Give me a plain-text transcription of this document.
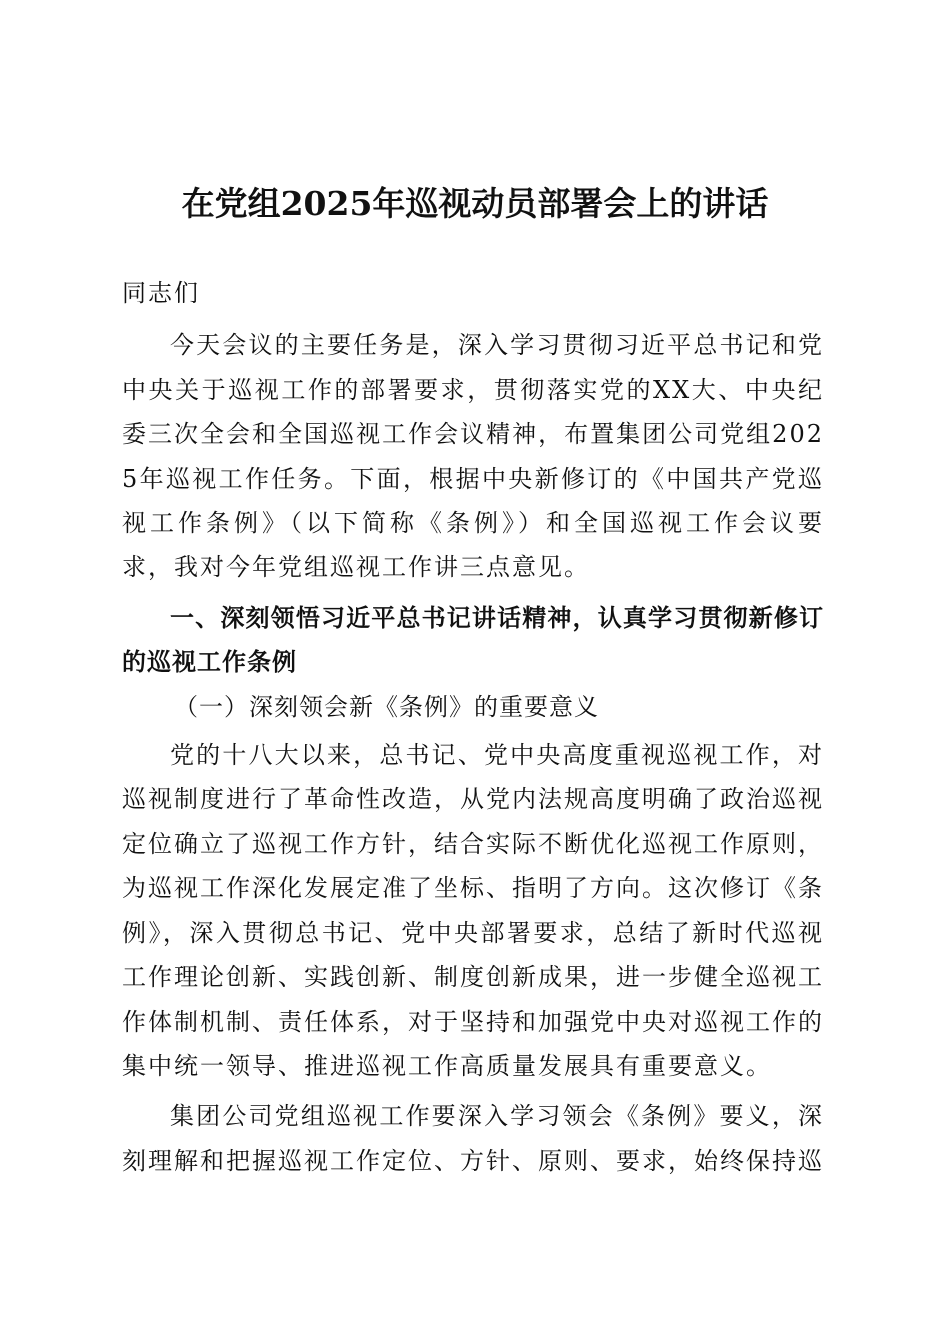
在党组2025年巡视动员部署会上的讲话

同志们

今天会议的主要任务是，深入学习贯彻习近平总书记和党中央关于巡视工作的部署要求，贯彻落实党的XX大、中央纪委三次全会和全国巡视工作会议精神，布置集团公司党组2025年巡视工作任务。下面，根据中央新修订的《中国共产党巡视工作条例》（以下简称《条例》）和全国巡视工作会议要求，我对今年党组巡视工作讲三点意见。

一、深刻领悟习近平总书记讲话精神，认真学习贯彻新修订的巡视工作条例

（一）深刻领会新《条例》的重要意义

党的十八大以来，总书记、党中央高度重视巡视工作，对巡视制度进行了革命性改造，从党内法规高度明确了政治巡视定位确立了巡视工作方针，结合实际不断优化巡视工作原则，为巡视工作深化发展定准了坐标、指明了方向。这次修订《条例》，深入贯彻总书记、党中央部署要求，总结了新时代巡视工作理论创新、实践创新、制度创新成果，进一步健全巡视工作体制机制、责任体系，对于坚持和加强党中央对巡视工作的集中统一领导、推进巡视工作高质量发展具有重要意义。

集团公司党组巡视工作要深入学习领会《条例》要义，深刻理解和把握巡视工作定位、方针、原则、要求，始终保持巡
